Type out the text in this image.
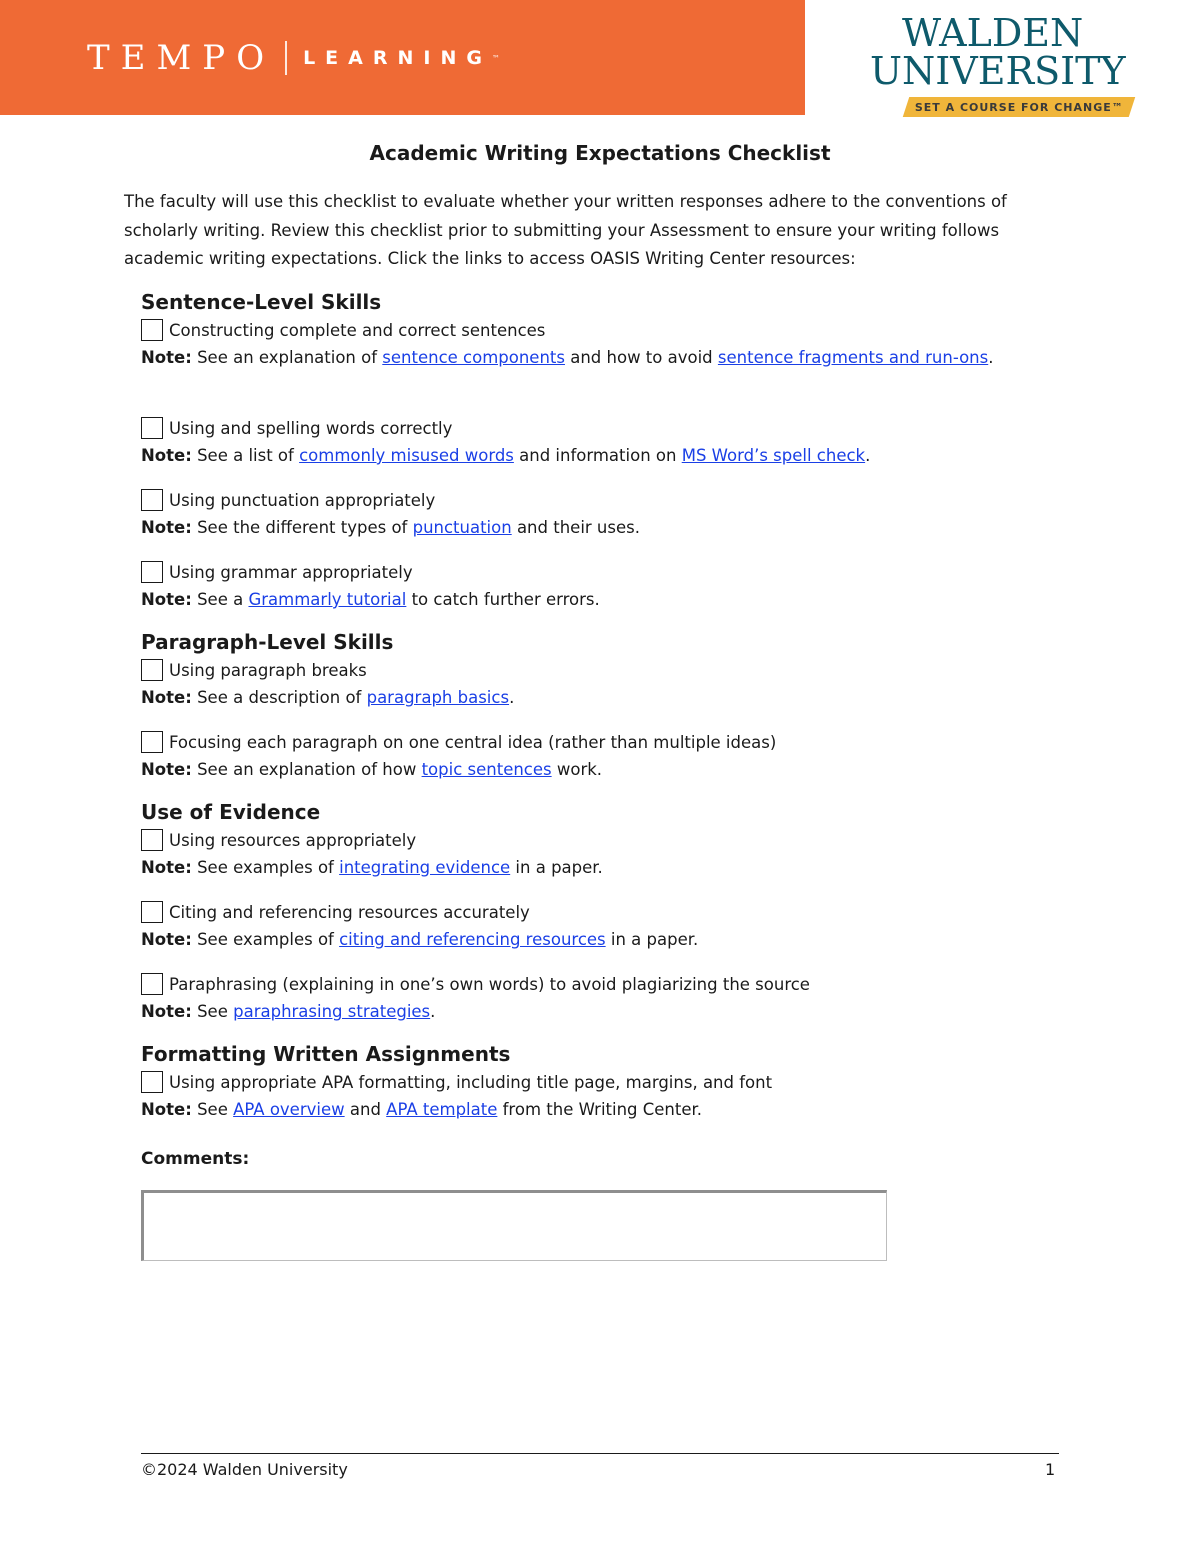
TEMPO LEARNING ™
WALDEN
UNIVERSITY
SET A COURSE FOR CHANGE™
Academic Writing Expectations Checklist
The faculty will use this checklist to evaluate whether your written responses adhere to the conventions of scholarly writing. Review this checklist prior to submitting your Assessment to ensure your writing follows academic writing expectations. Click the links to access OASIS Writing Center resources:
Sentence-Level Skills
Constructing complete and correct sentences
Note: See an explanation of sentence components and how to avoid sentence fragments and run-ons.
Using and spelling words correctly
Note: See a list of commonly misused words and information on MS Word’s spell check.
Using punctuation appropriately
Note: See the different types of punctuation and their uses.
Using grammar appropriately
Note: See a Grammarly tutorial to catch further errors.
Paragraph-Level Skills
Using paragraph breaks
Note: See a description of paragraph basics.
Focusing each paragraph on one central idea (rather than multiple ideas)
Note: See an explanation of how topic sentences work.
Use of Evidence
Using resources appropriately
Note: See examples of integrating evidence in a paper.
Citing and referencing resources accurately
Note: See examples of citing and referencing resources in a paper.
Paraphrasing (explaining in one’s own words) to avoid plagiarizing the source
Note: See paraphrasing strategies.
Formatting Written Assignments
Using appropriate APA formatting, including title page, margins, and font
Note: See APA overview and APA template from the Writing Center.
Comments:
©2024 Walden University	1
